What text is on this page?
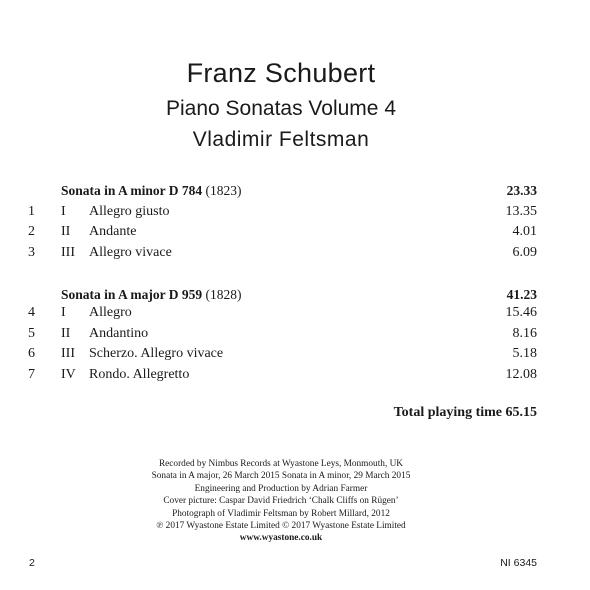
Franz Schubert
Piano Sonatas Volume 4
Vladimir Feltsman
Sonata in A minor D 784 (1823)	23.33
1	I Allegro giusto	13.35
2	II Andante	4.01
3	III Allegro vivace	6.09
Sonata in A major D 959 (1828)	41.23
4	I Allegro	15.46
5	II Andantino	8.16
6	III Scherzo. Allegro vivace	5.18
7	IV Rondo. Allegretto	12.08
Total playing time 65.15
Recorded by Nimbus Records at Wyastone Leys, Monmouth, UK
Sonata in A major, 26 March 2015 Sonata in A minor, 29 March 2015
Engineering and Production by Adrian Farmer
Cover picture: Caspar David Friedrich ‘Chalk Cliffs on Rügen’
Photograph of Vladimir Feltsman by Robert Millard, 2012
℗ 2017 Wyastone Estate Limited © 2017 Wyastone Estate Limited
www.wyastone.co.uk
2	NI 6345
